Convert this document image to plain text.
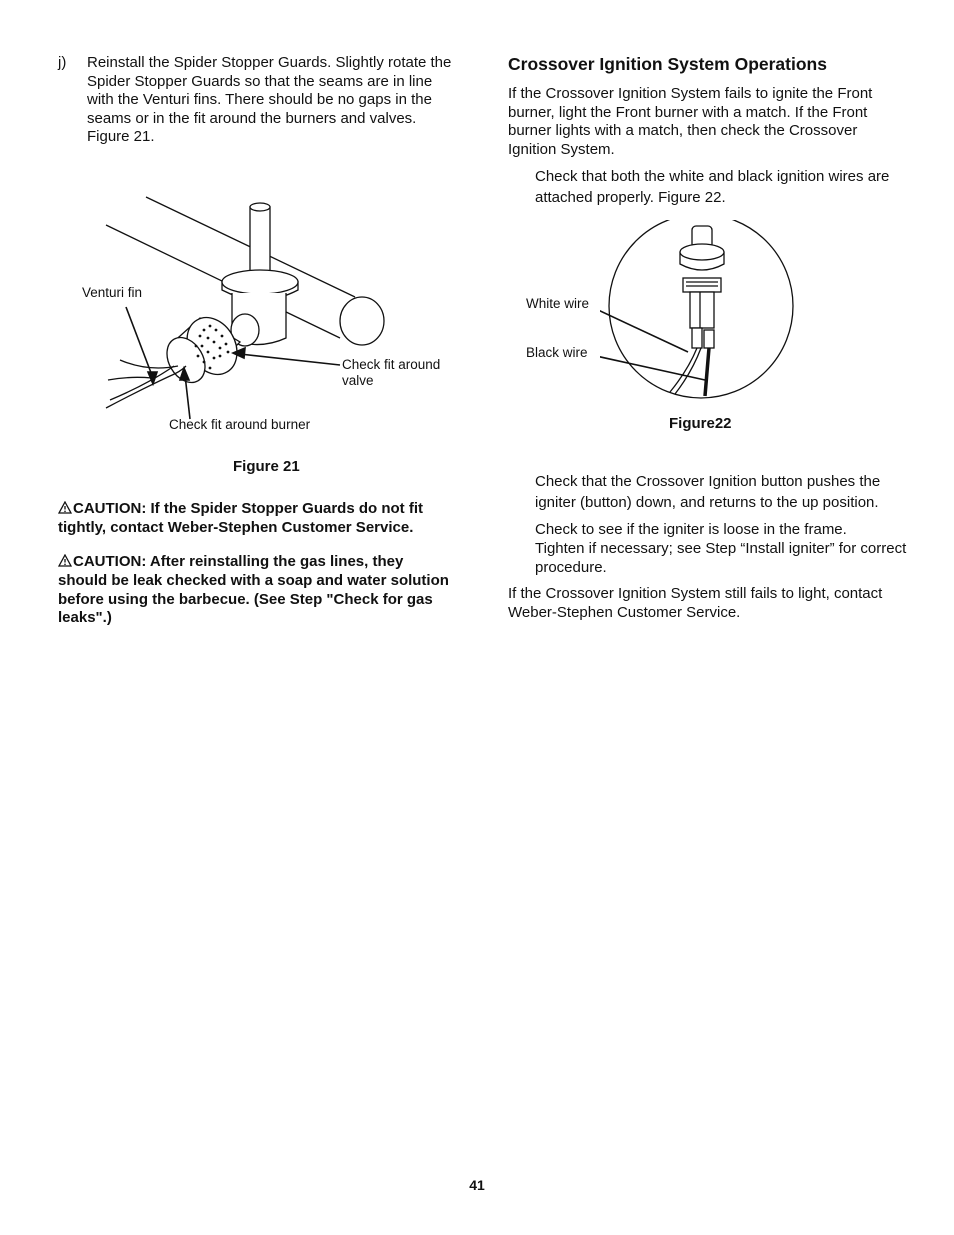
j) Reinstall the Spider Stopper Guards. Slightly rotate the Spider Stopper Guards so that the seams are in line with the Venturi fins. There should be no gaps in the seams or in the fit around the burners and valves. Figure 21.
Venturi fin
Check fit around
valve
Check fit around burner
Figure 21
CAUTION: If the Spider Stopper Guards do not fit tightly, contact Weber-Stephen Customer Service.
CAUTION: After reinstalling the gas lines, they should be leak checked with a soap and water solution before using the barbecue. (See Step "Check for gas leaks".)
Crossover Ignition System Operations
If the Crossover Ignition System fails to ignite the Front burner, light the Front burner with a match. If the Front burner lights with a match, then check the Crossover Ignition System.
Check that both the white and black ignition wires are attached properly. Figure 22.
White wire
Black wire
Figure22
Check that the Crossover Ignition button pushes the igniter (button) down, and returns to the up position.
Check to see if the igniter is loose in the frame.
Tighten if necessary; see Step “Install igniter” for correct procedure.
If the Crossover Ignition System still fails to light, contact Weber-Stephen Customer Service.
41
